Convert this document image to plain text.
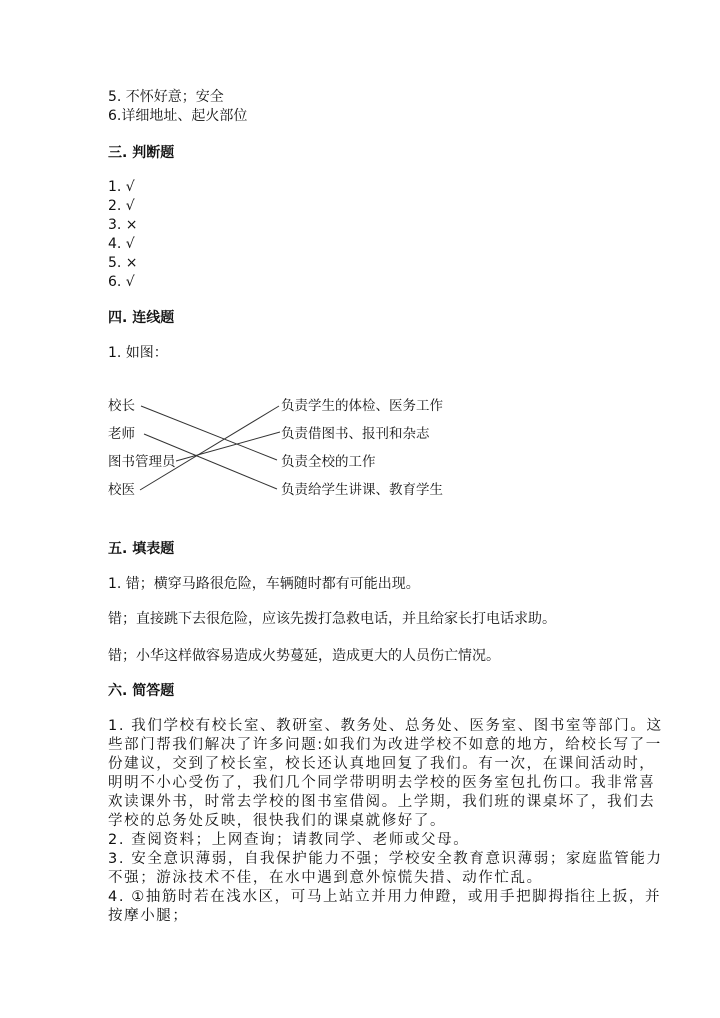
5. 不怀好意；安全
6.详细地址、起火部位
三. 判断题
1. √
2. √
3. ×
4. √
5. ×
6. √
四. 连线题
1. 如图：
校长
老师
图书管理员
校医
负责学生的体检、医务工作
负责借图书、报刊和杂志
负责全校的工作
负责给学生讲课、教育学生
五. 填表题
1. 错；横穿马路很危险，车辆随时都有可能出现。
错；直接跳下去很危险，应该先拨打急救电话，并且给家长打电话求助。
错；小华这样做容易造成火势蔓延，造成更大的人员伤亡情况。
六. 简答题
1. 我们学校有校长室、教研室、教务处、总务处、医务室、图书室等部门。这
些部门帮我们解决了许多问题:如我们为改进学校不如意的地方，给校长写了一
份建议，交到了校长室，校长还认真地回复了我们。有一次，在课间活动时，
明明不小心受伤了，我们几个同学带明明去学校的医务室包扎伤口。我非常喜
欢读课外书，时常去学校的图书室借阅。上学期，我们班的课桌坏了，我们去
学校的总务处反映，很快我们的课桌就修好了。
2. 查阅资料；上网查询；请教同学、老师或父母。
3. 安全意识薄弱，自我保护能力不强；学校安全教育意识薄弱；家庭监管能力
不强；游泳技术不佳，在水中遇到意外惊慌失措、动作忙乱。
4. ①抽筋时若在浅水区，可马上站立并用力伸蹬，或用手把脚拇指往上扳，并
按摩小腿；
